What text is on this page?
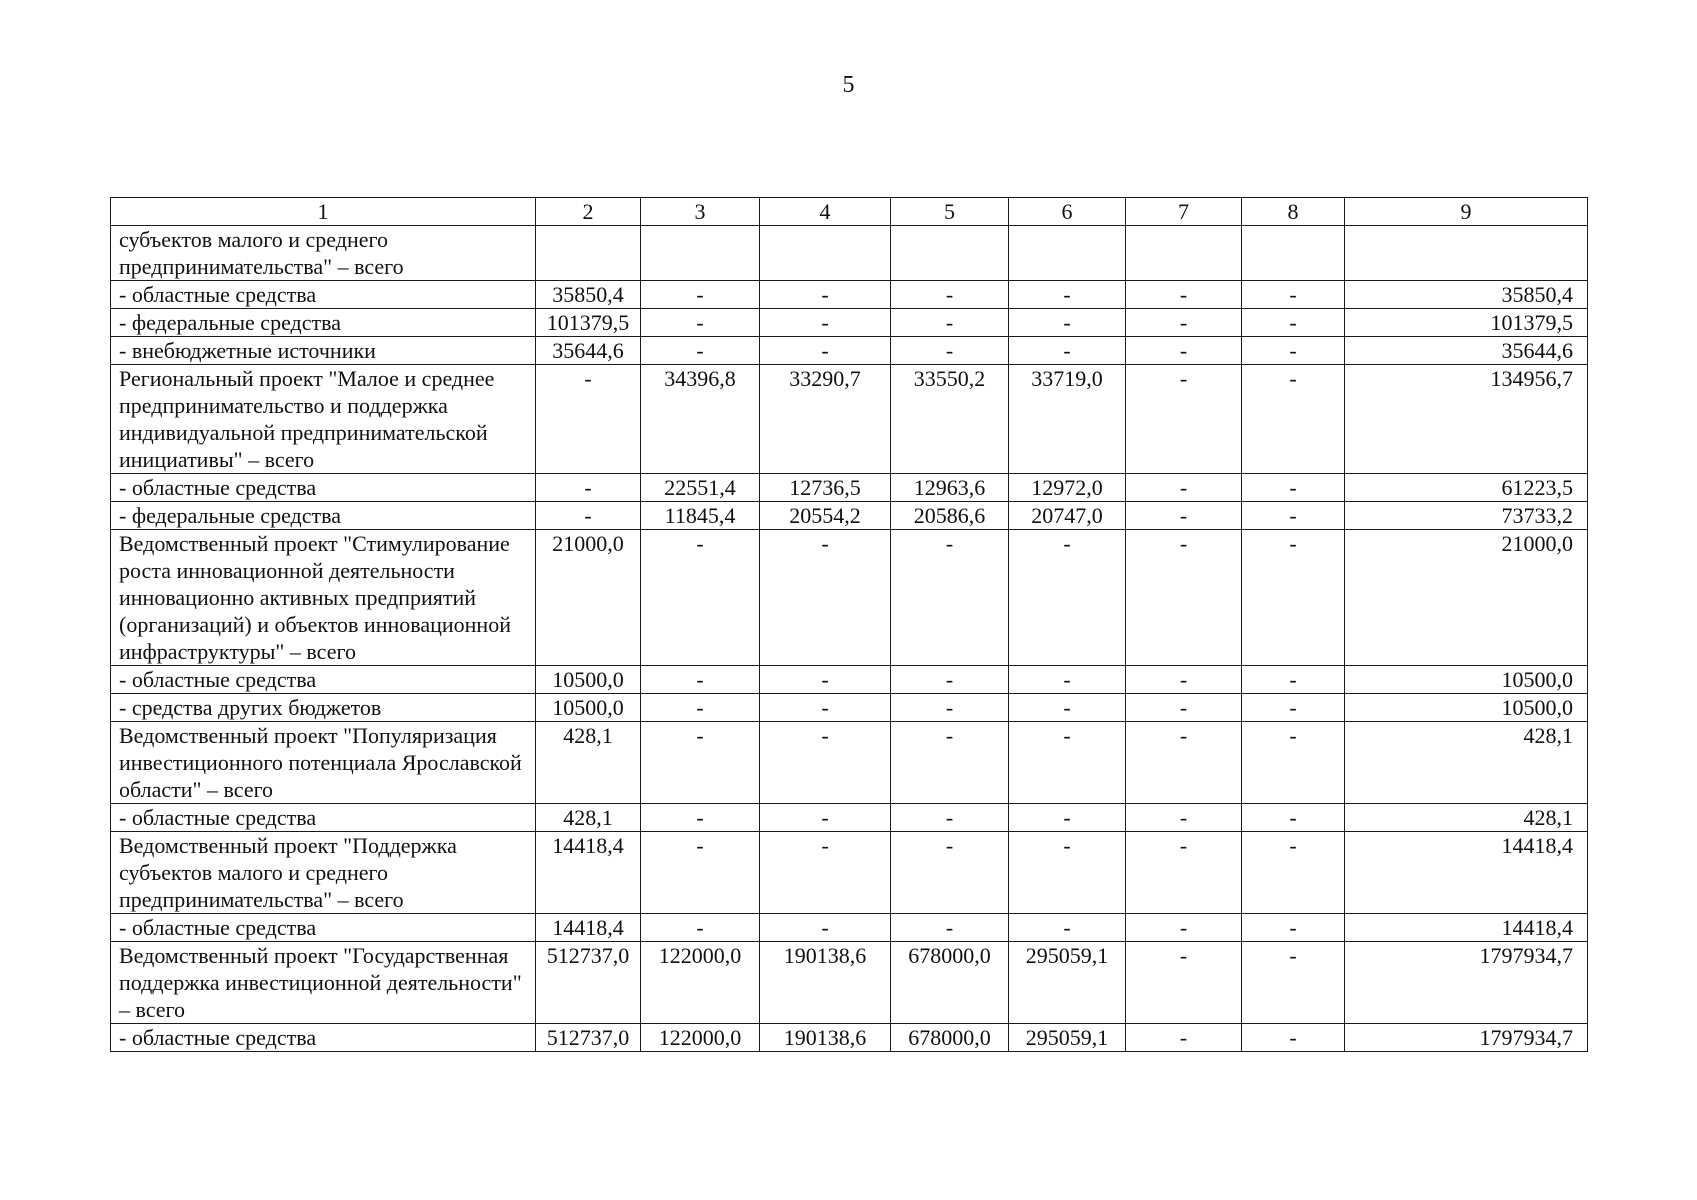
5
1	2	3	4	5	6	7	8	9
субъектов малого и среднего предпринимательства" – всего								
- областные средства	35850,4	-	-	-	-	-	-	35850,4
- федеральные средства	101379,5	-	-	-	-	-	-	101379,5
- внебюджетные источники	35644,6	-	-	-	-	-	-	35644,6
Региональный проект "Малое и среднее предпринимательство и поддержка индивидуальной предпринимательской инициативы" – всего	-	34396,8	33290,7	33550,2	33719,0	-	-	134956,7
- областные средства	-	22551,4	12736,5	12963,6	12972,0	-	-	61223,5
- федеральные средства	-	11845,4	20554,2	20586,6	20747,0	-	-	73733,2
Ведомственный проект "Стимулирование роста инновационной деятельности инновационно активных предприятий (организаций) и объектов инновационной инфраструктуры" – всего	21000,0	-	-	-	-	-	-	21000,0
- областные средства	10500,0	-	-	-	-	-	-	10500,0
- средства других бюджетов	10500,0	-	-	-	-	-	-	10500,0
Ведомственный проект "Популяризация инвестиционного потенциала Ярославской области" – всего	428,1	-	-	-	-	-	-	428,1
- областные средства	428,1	-	-	-	-	-	-	428,1
Ведомственный проект "Поддержка субъектов малого и среднего предпринимательства" – всего	14418,4	-	-	-	-	-	-	14418,4
- областные средства	14418,4	-	-	-	-	-	-	14418,4
Ведомственный проект "Государственная поддержка инвестиционной деятельности" – всего	512737,0	122000,0	190138,6	678000,0	295059,1	-	-	1797934,7
- областные средства	512737,0	122000,0	190138,6	678000,0	295059,1	-	-	1797934,7
